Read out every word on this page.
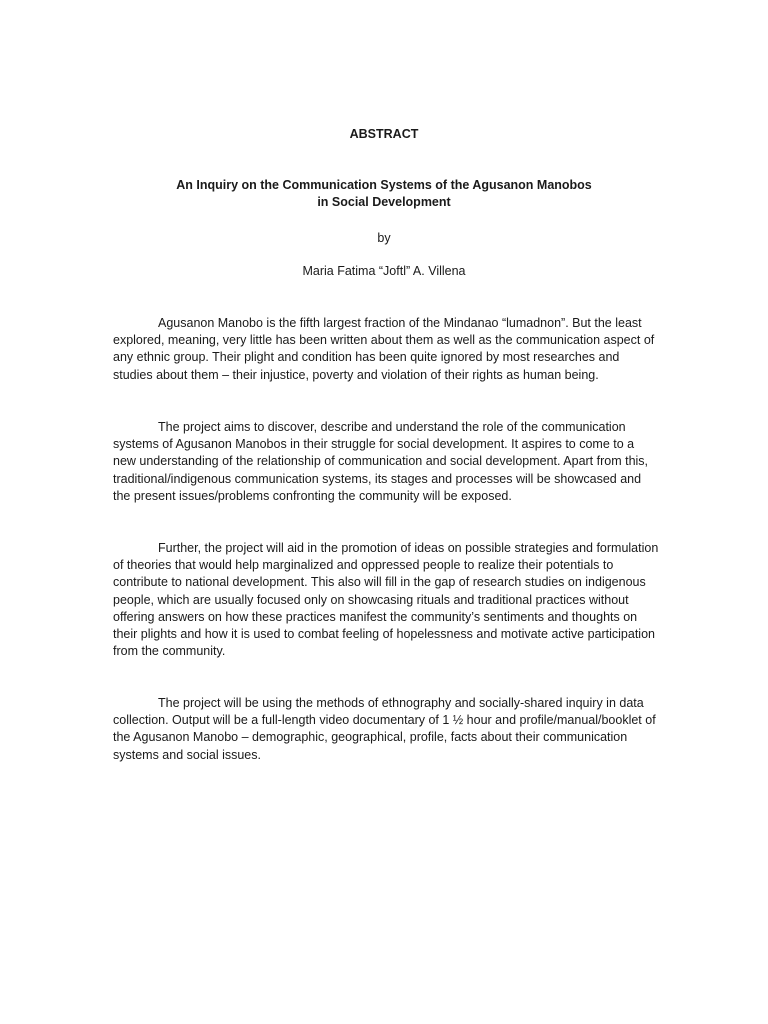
ABSTRACT
An Inquiry on the Communication Systems of the Agusanon Manobos
in Social Development

by

Maria Fatima “Joftl” A. Villena

Agusanon Manobo is the fifth largest fraction of the Mindanao “lumadnon”. But the least explored, meaning, very little has been written about them as well as the communication aspect of any ethnic group. Their plight and condition has been quite ignored by most researches and studies about them – their injustice, poverty and violation of their rights as human being.

The project aims to discover, describe and understand the role of the communication systems of Agusanon Manobos in their struggle for social development. It aspires to come to a new understanding of the relationship of communication and social development. Apart from this, traditional/indigenous communication systems, its stages and processes will be showcased and the present issues/problems confronting the community will be exposed.

Further, the project will aid in the promotion of ideas on possible strategies and formulation of theories that would help marginalized and oppressed people to realize their potentials to contribute to national development. This also will fill in the gap of research studies on indigenous people, which are usually focused only on showcasing rituals and traditional practices without offering answers on how these practices manifest the community’s sentiments and thoughts on their plights and how it is used to combat feeling of hopelessness and motivate active participation from the community.

The project will be using the methods of ethnography and socially-shared inquiry in data collection. Output will be a full-length video documentary of 1 ½ hour and profile/manual/booklet of the Agusanon Manobo – demographic, geographical, profile, facts about their communication systems and social issues.
